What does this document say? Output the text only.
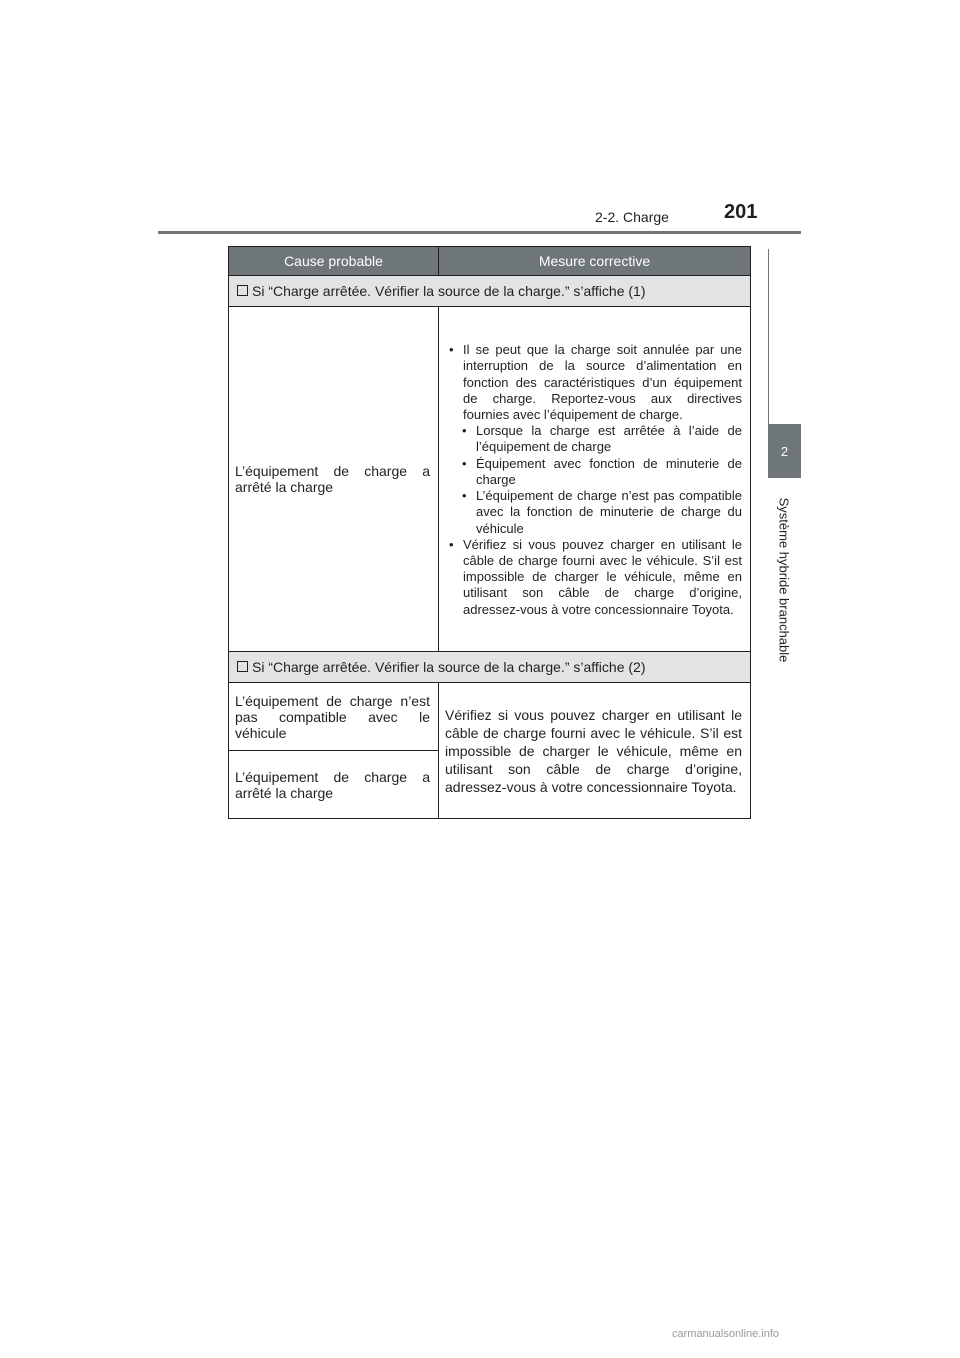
2-2. Charge	201
2
Système hybride branchable
Cause probable	Mesure corrective
Si “Charge arrêtée. Vérifier la source de la charge.” s’affiche (1)	
L’équipement de charge a arrêté la charge	• Il se peut que la charge soit annulée par une interruption de la source d’alimentation en fonction des caractéristiques d’un équipement de charge. Reportez-vous aux directives fournies avec l’équipement de charge.
• Lorsque la charge est arrêtée à l’aide de l’équipement de charge
• Équipement avec fonction de minuterie de charge
• L’équipement de charge n’est pas compatible avec la fonction de minuterie de charge du véhicule
• Vérifiez si vous pouvez charger en utilisant le câble de charge fourni avec le véhicule. S’il est impossible de charger le véhicule, même en utilisant son câble de charge d’origine, adressez-vous à votre concessionnaire Toyota.

Si “Charge arrêtée. Vérifier la source de la charge.” s’affiche (2)	
L’équipement de charge n’est pas compatible avec le véhicule	Vérifiez si vous pouvez charger en utilisant le câble de charge fourni avec le véhicule. S’il est impossible de charger le véhicule, même en utilisant son câble de charge d’origine, adressez-vous à votre concessionnaire Toyota.
L’équipement de charge a arrêté la charge	
carmanualsonline.info
